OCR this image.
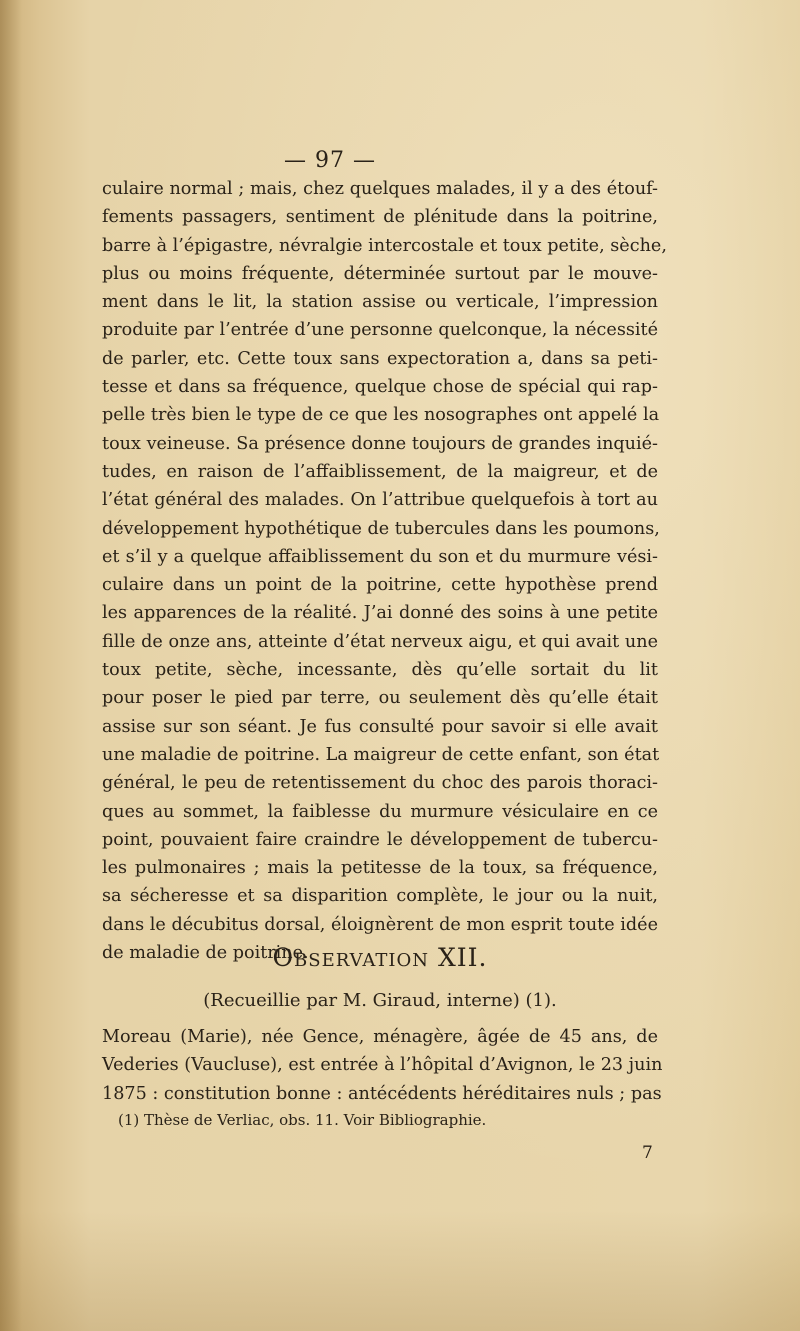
— 97 —
culaire normal ; mais, chez quelques malades, il y a des étouf-
fements passagers, sentiment de plénitude dans la poitrine,
barre à l’épigastre, névralgie intercostale et toux petite, sèche,
plus ou moins fréquente, déterminée surtout par le mouve-
ment dans le lit, la station assise ou verticale, l’impression
produite par l’entrée d’une personne quelconque, la nécessité
de parler, etc. Cette toux sans expectoration a, dans sa peti-
tesse et dans sa fréquence, quelque chose de spécial qui rap-
pelle très bien le type de ce que les nosographes ont appelé la
toux veineuse. Sa présence donne toujours de grandes inquié-
tudes, en raison de l’affaiblissement, de la maigreur, et de
l’état général des malades. On l’attribue quelquefois à tort au
développement hypothétique de tubercules dans les poumons,
et s’il y a quelque affaiblissement du son et du murmure vési-
culaire dans un point de la poitrine, cette hypothèse prend
les apparences de la réalité. J’ai donné des soins à une petite
fille de onze ans, atteinte d’état nerveux aigu, et qui avait une
toux petite, sèche, incessante, dès qu’elle sortait du lit
pour poser le pied par terre, ou seulement dès qu’elle était
assise sur son séant. Je fus consulté pour savoir si elle avait
une maladie de poitrine. La maigreur de cette enfant, son état
général, le peu de retentissement du choc des parois thoraci-
ques au sommet, la faiblesse du murmure vésiculaire en ce
point, pouvaient faire craindre le développement de tubercu-
les pulmonaires ; mais la petitesse de la toux, sa fréquence,
sa sécheresse et sa disparition complète, le jour ou la nuit,
dans le décubitus dorsal, éloignèrent de mon esprit toute idée
de maladie de poitrine.
Observation XII.
(Recueillie par M. Giraud, interne) (1).
Moreau (Marie), née Gence, ménagère, âgée de 45 ans, de
Vederies (Vaucluse), est entrée à l’hôpital d’Avignon, le 23 juin
1875 : constitution bonne : antécédents héréditaires nuls ; pas
(1) Thèse de Verliac, obs. 11. Voir Bibliographie.
7
